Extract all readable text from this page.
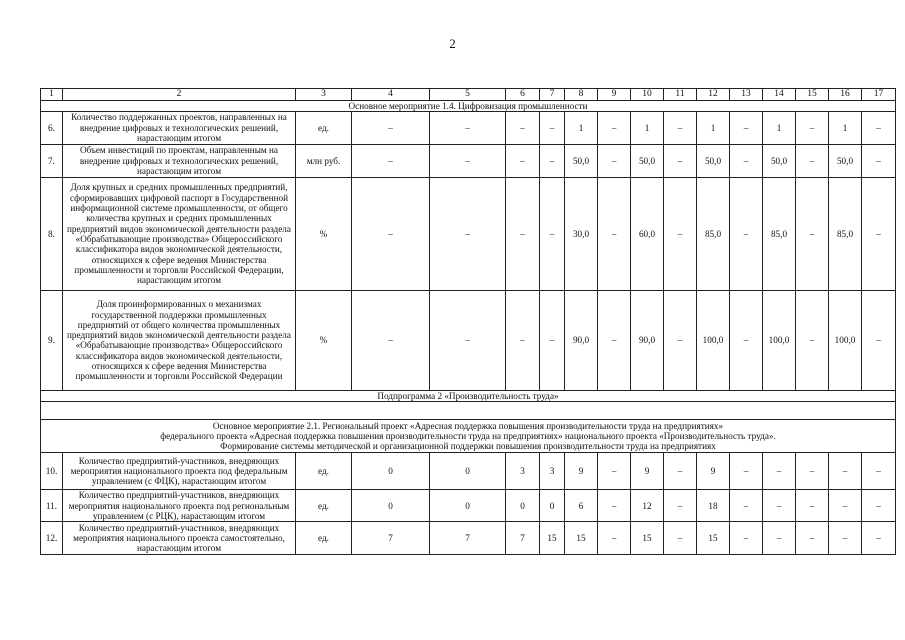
2
1	2	3	4	5	6	7	8	9	10	11	12	13	14	15	16	17
Основное мероприятие 1.4. Цифровизация промышленности																
6.	Количество поддержанных проектов, направленных на внедрение цифровых и технологических решений, нарастающим итогом	ед.	–	–	–	–	1	–	1	–	1	–	1	–	1	–
7.	Объем инвестиций по проектам, направленным на внедрение цифровых и технологических решений, нарастающим итогом	млн руб.	–	–	–	–	50,0	–	50,0	–	50,0	–	50,0	–	50,0	–
8.	Доля крупных и средних промышленных предприятий, сформировавших цифровой паспорт в Государственной информационной системе промышленности, от общего количества крупных и средних промышленных предприятий видов экономической деятельности раздела «Обрабатывающие производства» Общероссийского классификатора видов экономической деятельности, относящихся к сфере ведения Министерства промышленности и торговли Российской Федерации, нарастающим итогом	%	–	–	–	–	30,0	–	60,0	–	85,0	–	85,0	–	85,0	–
9.	Доля проинформированных о механизмах государственной поддержки промышленных предприятий от общего количества промышленных предприятий видов экономической деятельности раздела «Обрабатывающие производства» Общероссийского классификатора видов экономической деятельности, относящихся к сфере ведения Министерства промышленности и торговли Российской Федерации	%	–	–	–	–	90,0	–	90,0	–	100,0	–	100,0	–	100,0	–
Подпрограмма 2 «Производительность труда»																

Основное мероприятие 2.1. Региональный проект «Адресная поддержка повышения производительности труда на предприятиях»
федерального проекта «Адресная поддержка повышения производительности труда на предприятиях» национального проекта «Производительность труда».
Формирование системы методической и организационной поддержки повышения производительности труда на предприятиях																

10.	Количество предприятий-участников, внедряющих мероприятия национального проекта под федеральным управлением (с ФЦК), нарастающим итогом	ед.	0	0	3	3	9	–	9	–	9	–	–	–	–	–
11.	Количество предприятий-участников, внедряющих мероприятия национального проекта под региональным управлением (с РЦК), нарастающим итогом	ед.	0	0	0	0	6	–	12	–	18	–	–	–	–	–
12.	Количество предприятий-участников, внедряющих мероприятия национального проекта самостоятельно, нарастающим итогом	ед.	7	7	7	15	15	–	15	–	15	–	–	–	–	–
